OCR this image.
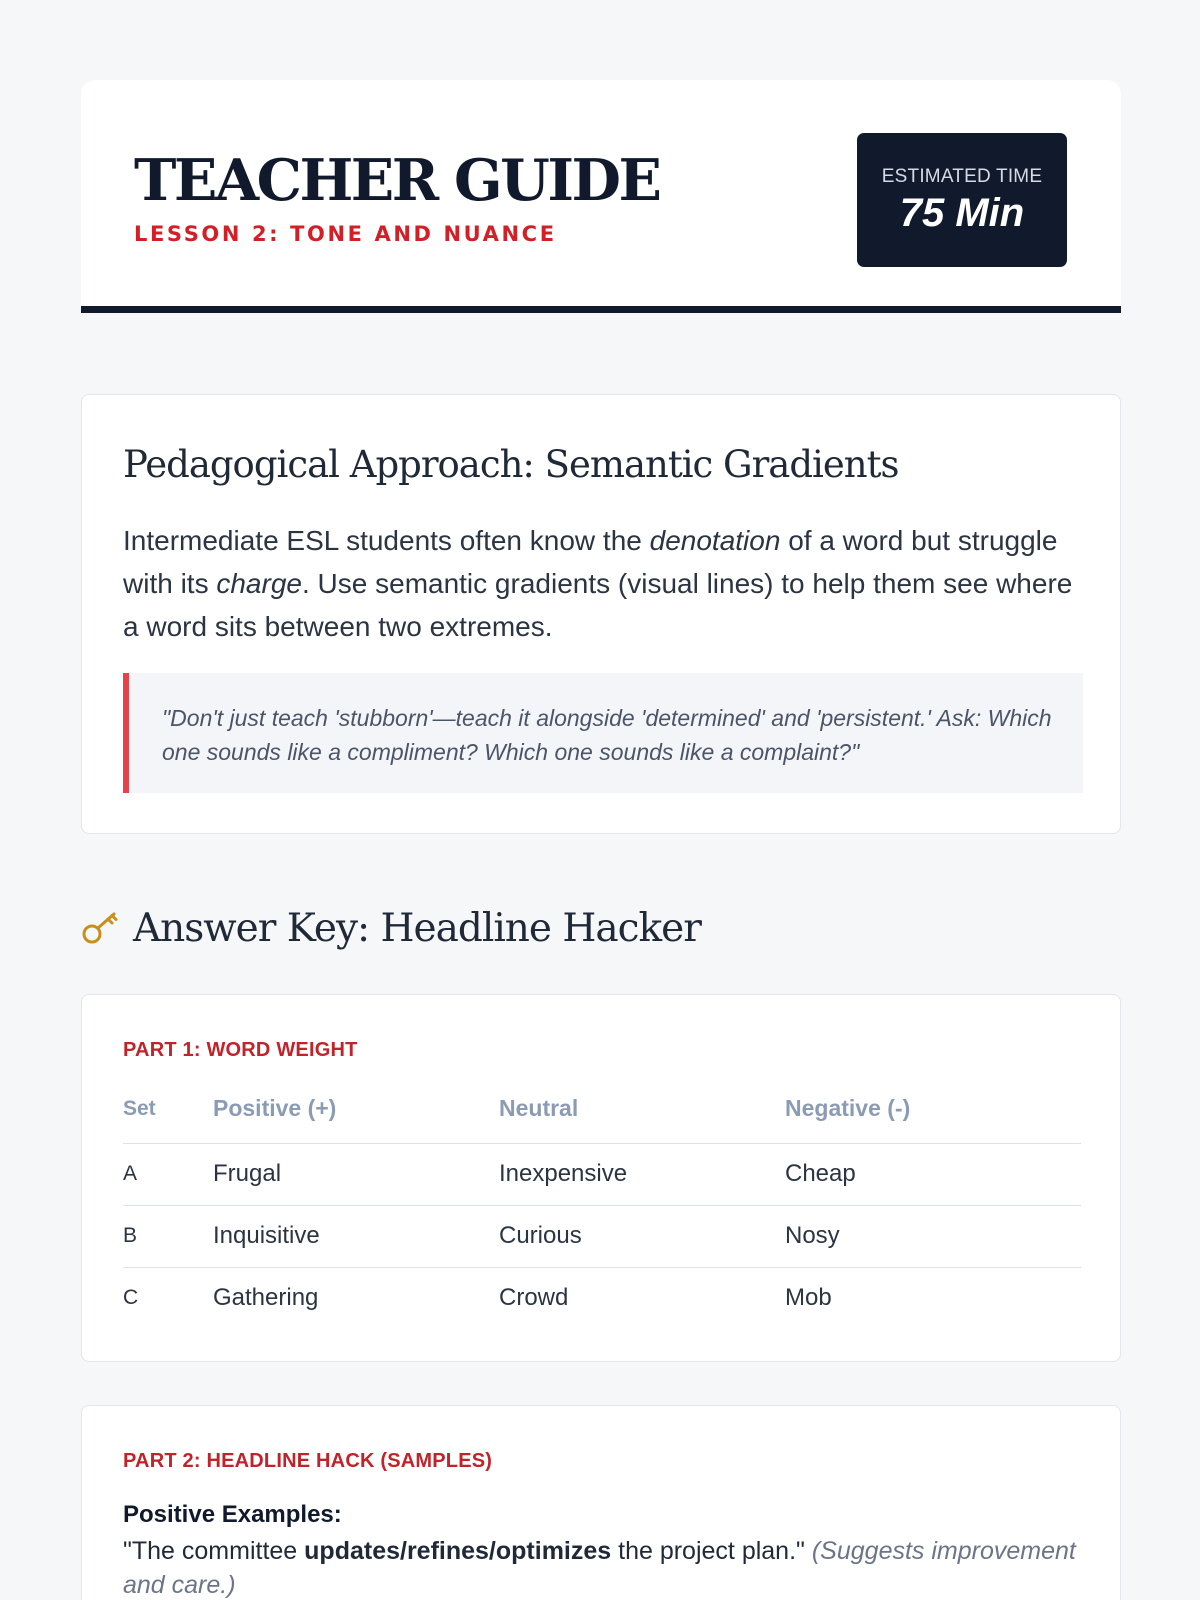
TEACHER GUIDE
LESSON 2: TONE AND NUANCE
ESTIMATED TIME
75 Min
Pedagogical Approach: Semantic Gradients

Intermediate ESL students often know the denotation of a word but struggle with its charge. Use semantic gradients (visual lines) to help them see where a word sits between two extremes.

"Don't just teach 'stubborn'—teach it alongside 'determined' and 'persistent.' Ask: Which one sounds like a compliment? Which one sounds like a complaint?"
Answer Key: Headline Hacker
PART 1: WORD WEIGHT
Set	Positive (+)	Neutral	Negative (-)
A	Frugal	Inexpensive	Cheap
B	Inquisitive	Curious	Nosy
C	Gathering	Crowd	Mob
PART 2: HEADLINE HACK (SAMPLES)
Positive Examples:

"The committee updates/refines/optimizes the project plan." (Suggests improvement and care.)
